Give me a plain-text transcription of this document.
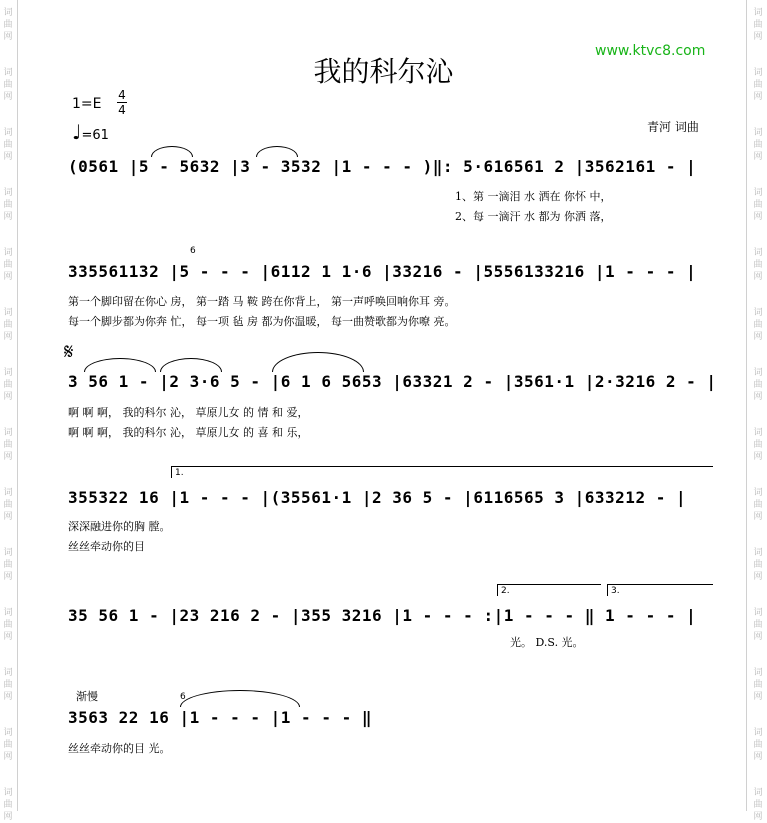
词
曲
网
词
曲
网
词
曲
网
词
曲
网
词
曲
网
词
曲
网
词
曲
网
词
曲
网
词
曲
网
词
曲
网
词
曲
网
词
曲
网
词
曲
网
词
曲
网
词
曲
网
词
曲
网
词
曲
网
词
曲
网
词
曲
网
词
曲
网
词
曲
网
词
曲
网
词
曲
网
词
曲
网
词
曲
网
词
曲
网
词
曲
网
词
曲
网
www.ktvc8.com
我的科尔沁
1=E
4
4
♩=61
青河 词曲
(0561 |5 - 5632 |3 - 3532 |1 - - - )‖: 5·616561 2 |3562161 - |
1、第 一滴泪 水 洒在 你怀 中，
2、每 一滴汗 水 都为 你洒 落，
6
335561132 |5 - - - |6112 1 1·6 |33216 - |5556133216 |1 - - - |
第一个脚印留在你心 房， 第一踏 马 鞍 跨在你背上， 第一声呼唤回响你耳 旁。
每一个脚步都为你奔 忙， 每一项 毡 房 都为你温暖， 每一曲赞歌都为你嘹 亮。
𝄋
3 56 1 - |2 3·6 5 - |6 1 6 5653 |63321 2 - |3561·1 |2·3216 2 - |
啊 啊 啊， 我的科尔 沁， 草原儿女 的 情 和 爱，
啊 啊 啊， 我的科尔 沁， 草原儿女 的 喜 和 乐，
1.
355322 16 |1 - - - |(35561·1 |2 36 5 - |6116565 3 |633212 - |
深深融进你的胸 膛。
丝丝牵动你的目
2.	3.
35 56 1 - |23 216 2 - |355 3216 |1 - - - :|1 - - - ‖ 1 - - - |
光。 D.S. 光。
渐慢	6
3563 22 16 |1 - - - |1 - - - ‖
丝丝牵动你的目 光。
